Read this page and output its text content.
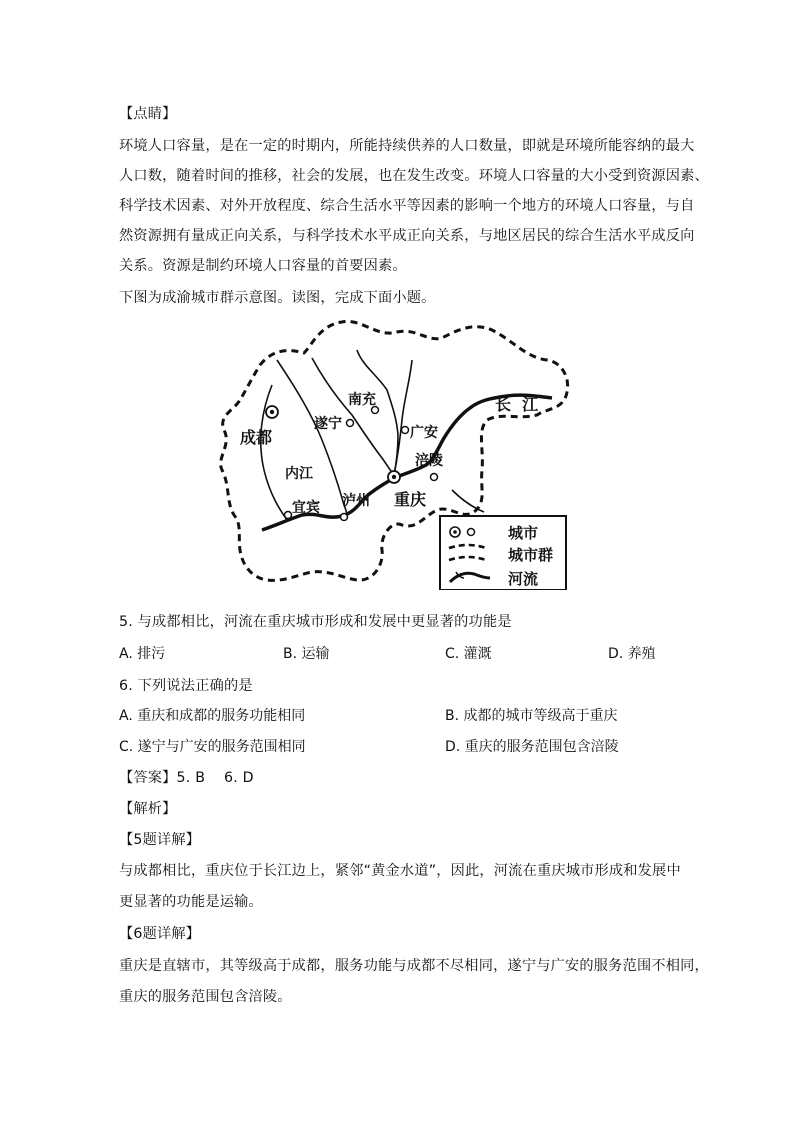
【点睛】
环境人口容量，是在一定的时期内，所能持续供养的人口数量，即就是环境所能容纳的最大
人口数，随着时间的推移，社会的发展，也在发生改变。环境人口容量的大小受到资源因素、
科学技术因素、对外开放程度、综合生活水平等因素的影响一个地方的环境人口容量，与自
然资源拥有量成正向关系，与科学技术水平成正向关系，与地区居民的综合生活水平成反向
关系。资源是制约环境人口容量的首要因素。
下图为成渝城市群示意图。读图，完成下面小题。
成都
遂宁
南充
广安
内江
涪陵
宜宾 泸州 重庆
长  江
城市
城市群
河流
5. 与成都相比，河流在重庆城市形成和发展中更显著的功能是
A. 排污	B. 运输	C. 灌溉	D. 养殖
6. 下列说法正确的是
A. 重庆和成都的服务功能相同	B. 成都的城市等级高于重庆
C. 遂宁与广安的服务范围相同	D. 重庆的服务范围包含涪陵
【答案】5. B    6. D
【解析】
【5题详解】
与成都相比，重庆位于长江边上，紧邻“黄金水道”，因此，河流在重庆城市形成和发展中
更显著的功能是运输。
【6题详解】
重庆是直辖市，其等级高于成都，服务功能与成都不尽相同，遂宁与广安的服务范围不相同，
重庆的服务范围包含涪陵。
